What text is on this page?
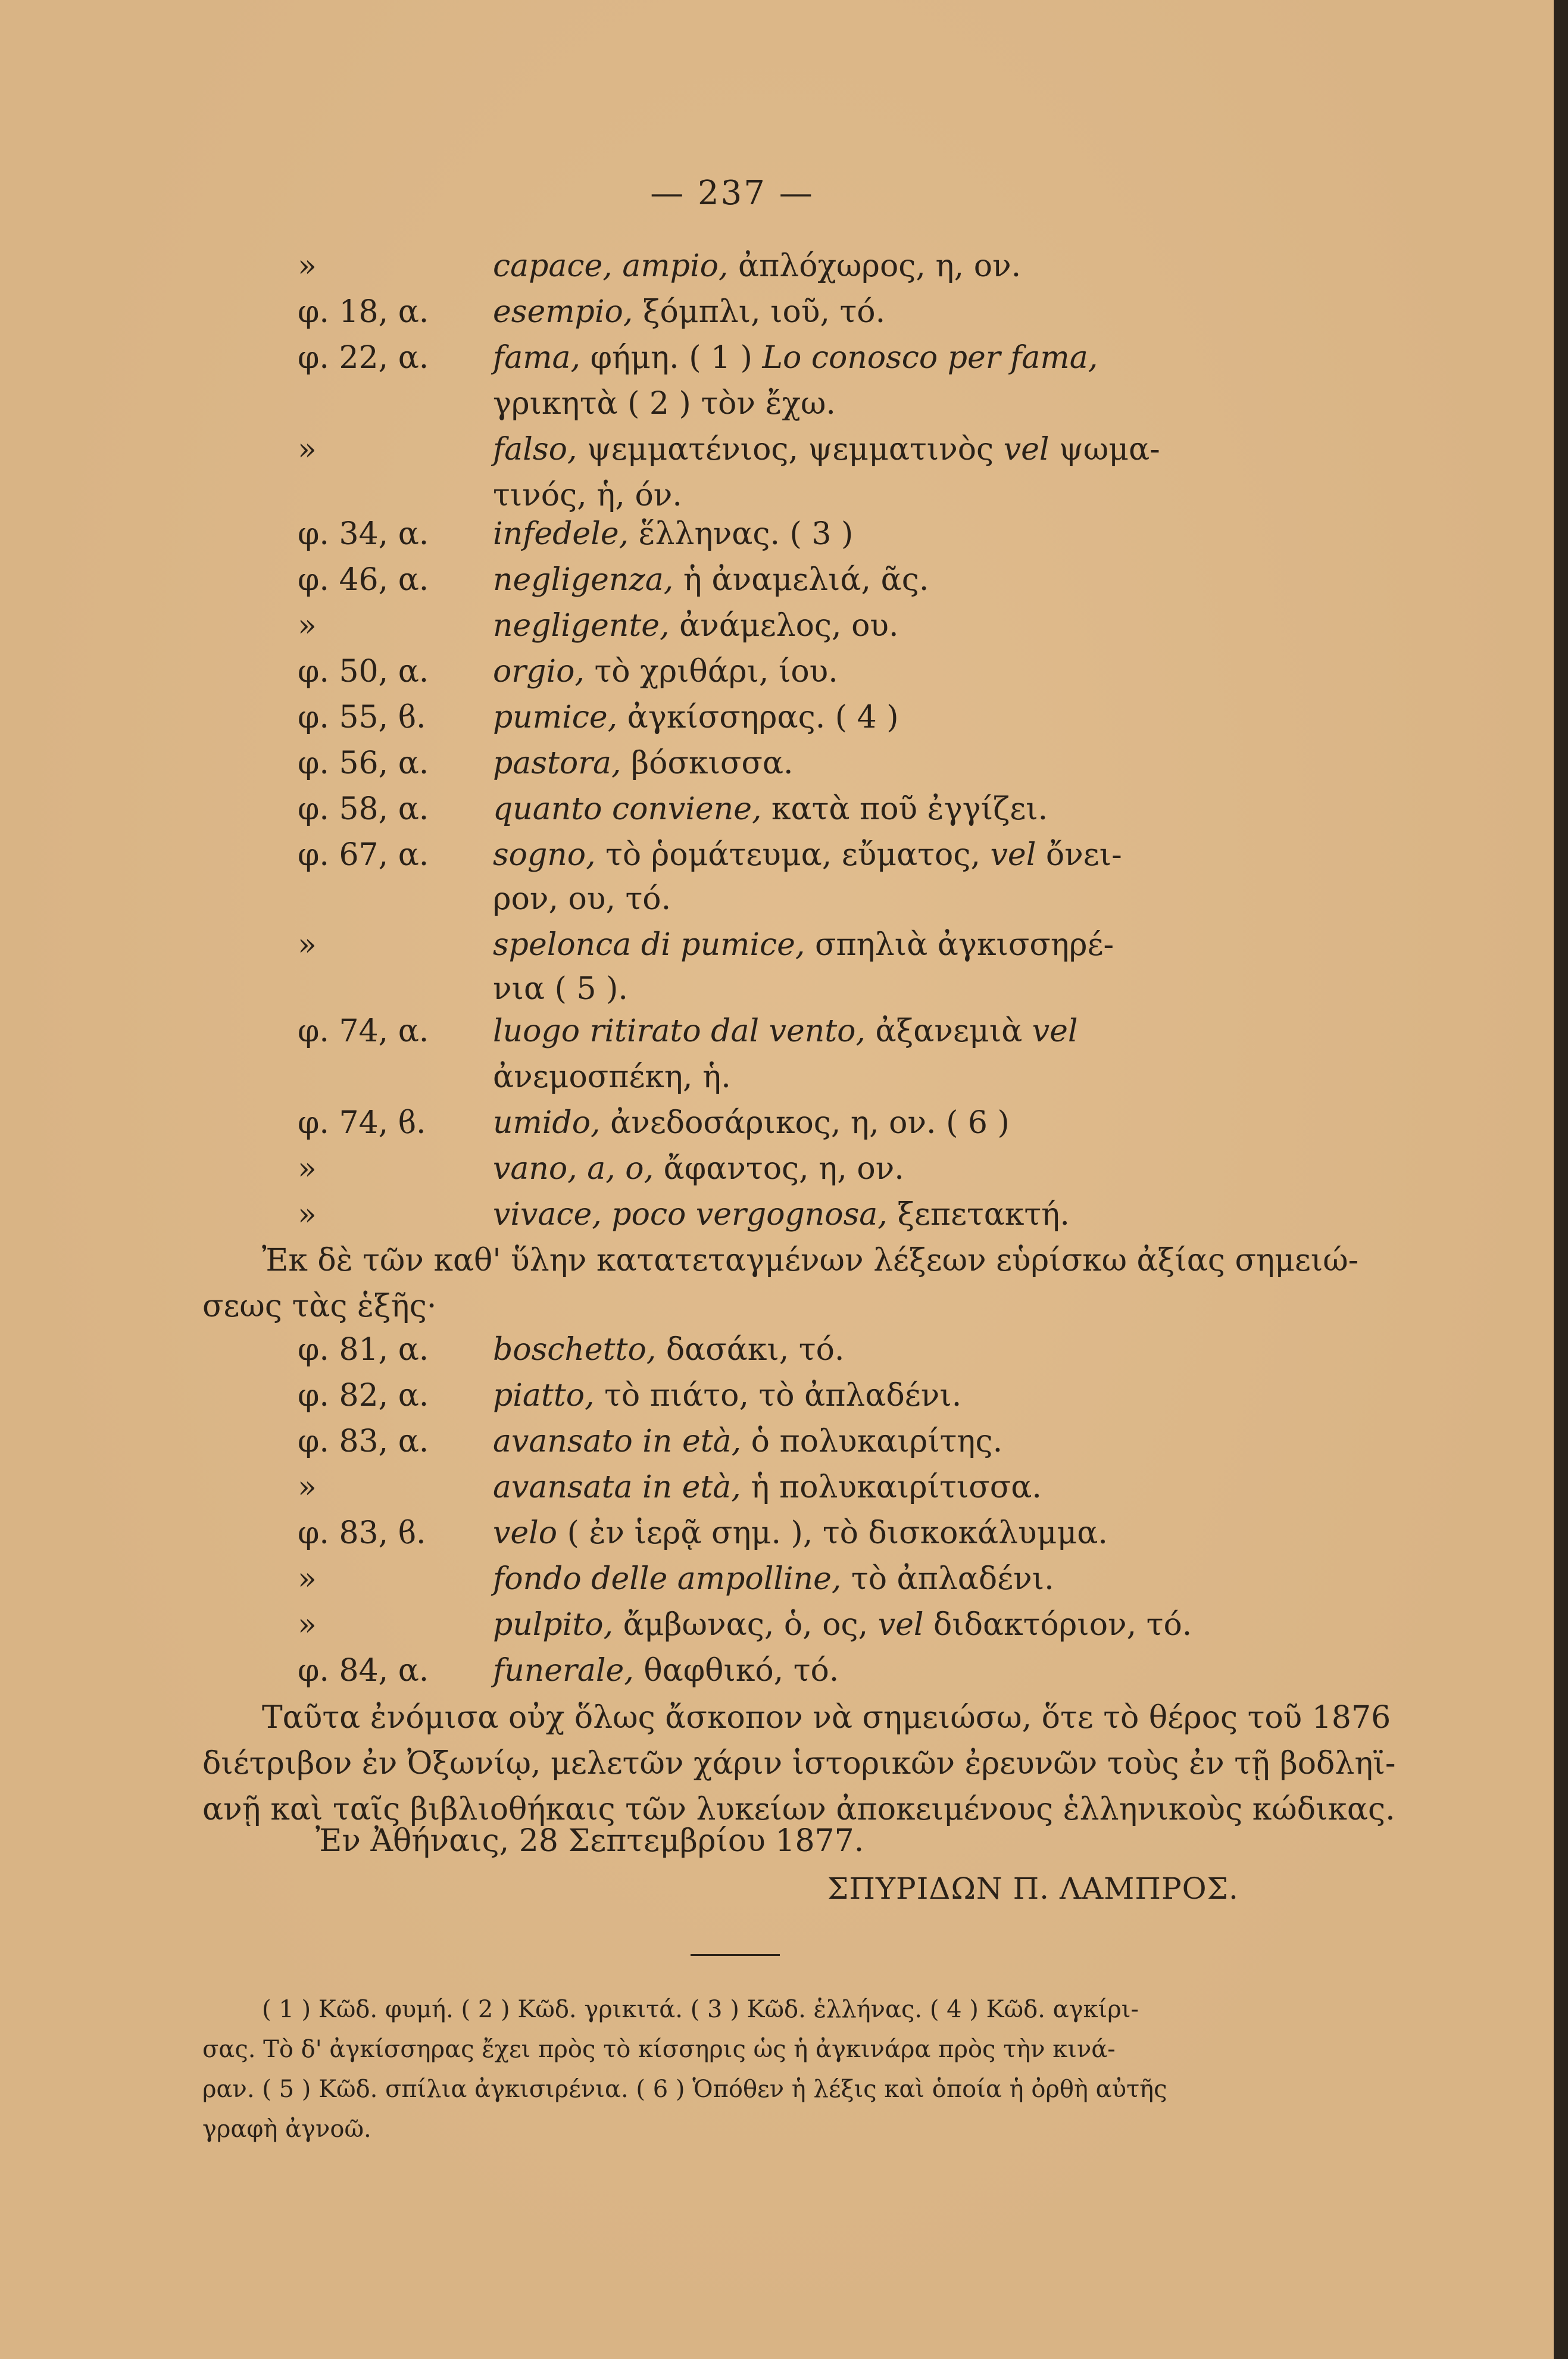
— 237 —
»	capace, ampio, ἀπλόχωρος, η, ον.
φ. 18, α.	esempio, ξόμπλι, ιοῦ, τό.
φ. 22, α.	fama, φήμη. ( 1 ) Lo conosco per fama,
γρικητὰ ( 2 ) τὸν ἔχω.
»	falso, ψεμματένιος, ψεμματινὸς vel ψωμα-
τινός, ἡ, όν.
φ. 34, α.	infedele, ἕλληνας. ( 3 )
φ. 46, α.	negligenza, ἡ ἀναμελιά, ᾶς.
»	negligente, ἀνάμελος, ου.
φ. 50, α.	orgio, τὸ χριθάρι, ίου.
φ. 55, ϐ.	pumice, ἀγκίσσηρας. ( 4 )
φ. 56, α.	pastora, βόσκισσα.
φ. 58, α.	quanto conviene, κατὰ ποῦ ἐγγίζει.
φ. 67, α.	sogno, τὸ ῥομάτευμα, εὔματος, vel ὄνει-
ρον, ου, τό.
»	spelonca di pumice, σπηλιὰ ἀγκισσηρέ-
νια ( 5 ).
φ. 74, α.	luogo ritirato dal vento, ἀξανεμιὰ vel
ἀνεμοσπέκη, ἡ.
φ. 74, ϐ.	umido, ἀνεδοσάρικος, η, ον. ( 6 )
»	vano, a, o, ἄφαντος, η, ον.
»	vivace, poco vergognosa, ξεπετακτή.
Ἐκ δὲ τῶν καθ' ὕλην κατατεταγμένων λέξεων εὑρίσκω ἀξίας σημειώ-
σεως τὰς ἑξῆς·
φ. 81, α.	boschetto, δασάκι, τό.
φ. 82, α.	piatto, τὸ πιάτο, τὸ ἀπλαδένι.
φ. 83, α.	avansato in età, ὁ πολυκαιρίτης.
»	avansata in età, ἡ πολυκαιρίτισσα.
φ. 83, ϐ.	velo ( ἐν ἱερᾷ σημ. ), τὸ δισκοκάλυμμα.
»	fondo delle ampolline, τὸ ἀπλαδένι.
»	pulpito, ἄμβωνας, ὁ, ος, vel διδακτόριον, τό.
φ. 84, α.	funerale, θαφθικό, τό.
Ταῦτα ἐνόμισα οὐχ ὅλως ἄσκοπον νὰ σημειώσω, ὅτε τὸ θέρος τοῦ 1876
διέτριβον ἐν Ὀξωνίῳ, μελετῶν χάριν ἱστορικῶν ἐρευνῶν τοὺς ἐν τῇ βοδληϊ-
ανῇ καὶ ταῖς βιβλιοθήκαις τῶν λυκείων ἀποκειμένους ἑλληνικοὺς κώδικας.
Ἐν Ἀθήναις, 28 Σεπτεμβρίου 1877.
ΣΠΥΡΙΔΩΝ Π. ΛΑΜΠΡΟΣ.
( 1 ) Κῶδ. φυμή. ( 2 ) Κῶδ. γρικιτά. ( 3 ) Κῶδ. ἑλλήνας. ( 4 ) Κῶδ. αγκίρι-
σας. Τὸ δ' ἀγκίσσηρας ἔχει πρὸς τὸ κίσσηρις ὡς ἡ ἀγκινάρα πρὸς τὴν κινά-
ραν. ( 5 ) Κῶδ. σπίλια ἀγκισιρένια. ( 6 ) Ὁπόθεν ἡ λέξις καὶ ὁποία ἡ ὀρθὴ αὐτῆς
γραφὴ ἀγνοῶ.
